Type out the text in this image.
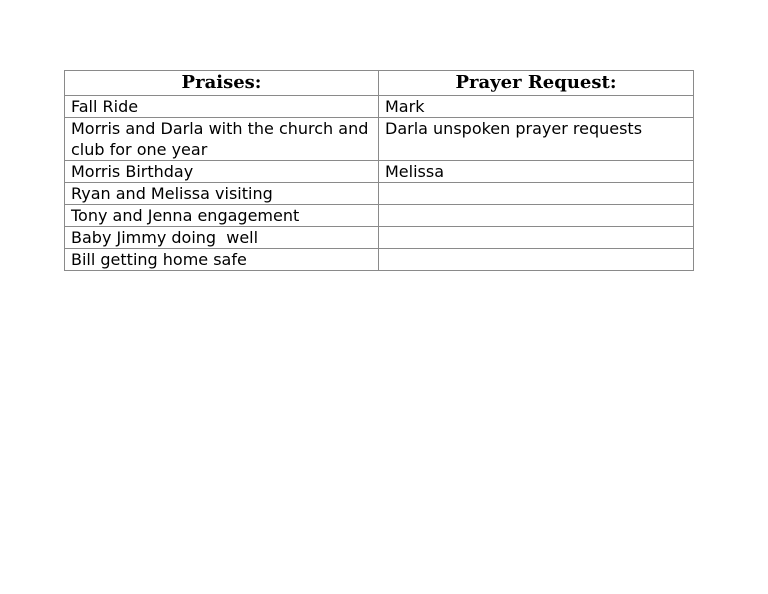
Praises:	Prayer Request:

Fall Ride	Mark

Morris and Darla with the church and club for one year	Darla unspoken prayer requests

Morris Birthday	Melissa

Ryan and Melissa visiting	

Tony and Jenna engagement	

Baby Jimmy doing  well	

Bill getting home safe	
